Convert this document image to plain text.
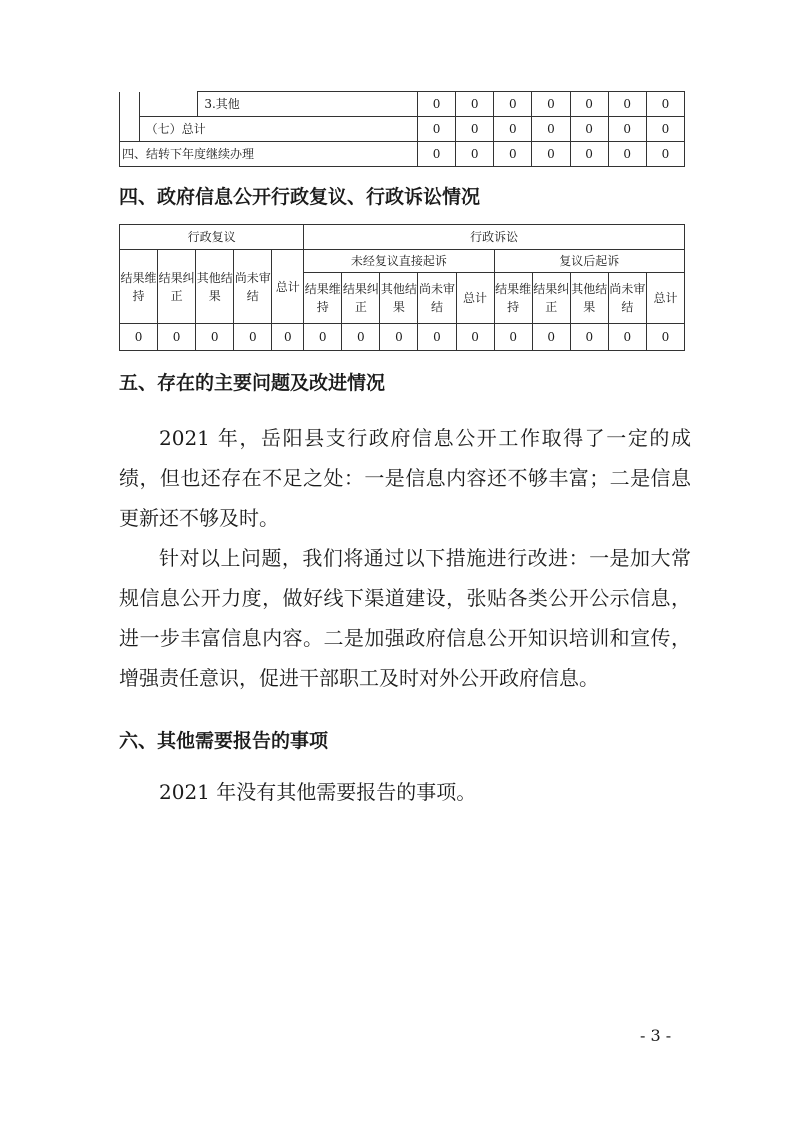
		3.其他	0	0	0	0	0	0	0
	（七）总计		0	0	0	0	0	0	0
四、结转下年度继续办理			0	0	0	0	0	0	0
四、政府信息公开行政复议、行政诉讼情况
行政复议					行政诉讼									
结果维持	结果纠正	其他结果	尚未审结	总计	未经复议直接起诉					复议后起诉				
					结果维持	结果纠正	其他结果	尚未审结	总计	结果维持	结果纠正	其他结果	尚未审结	总计
0	0	0	0	0	0	0	0	0	0	0	0	0	0	0
五、存在的主要问题及改进情况

2021 年，岳阳县支行政府信息公开工作取得了一定的成绩，但也还存在不足之处：一是信息内容还不够丰富；二是信息更新还不够及时。

针对以上问题，我们将通过以下措施进行改进：一是加大常规信息公开力度，做好线下渠道建设，张贴各类公开公示信息，进一步丰富信息内容。二是加强政府信息公开知识培训和宣传，增强责任意识，促进干部职工及时对外公开政府信息。

六、其他需要报告的事项

2021 年没有其他需要报告的事项。

- 3 -
